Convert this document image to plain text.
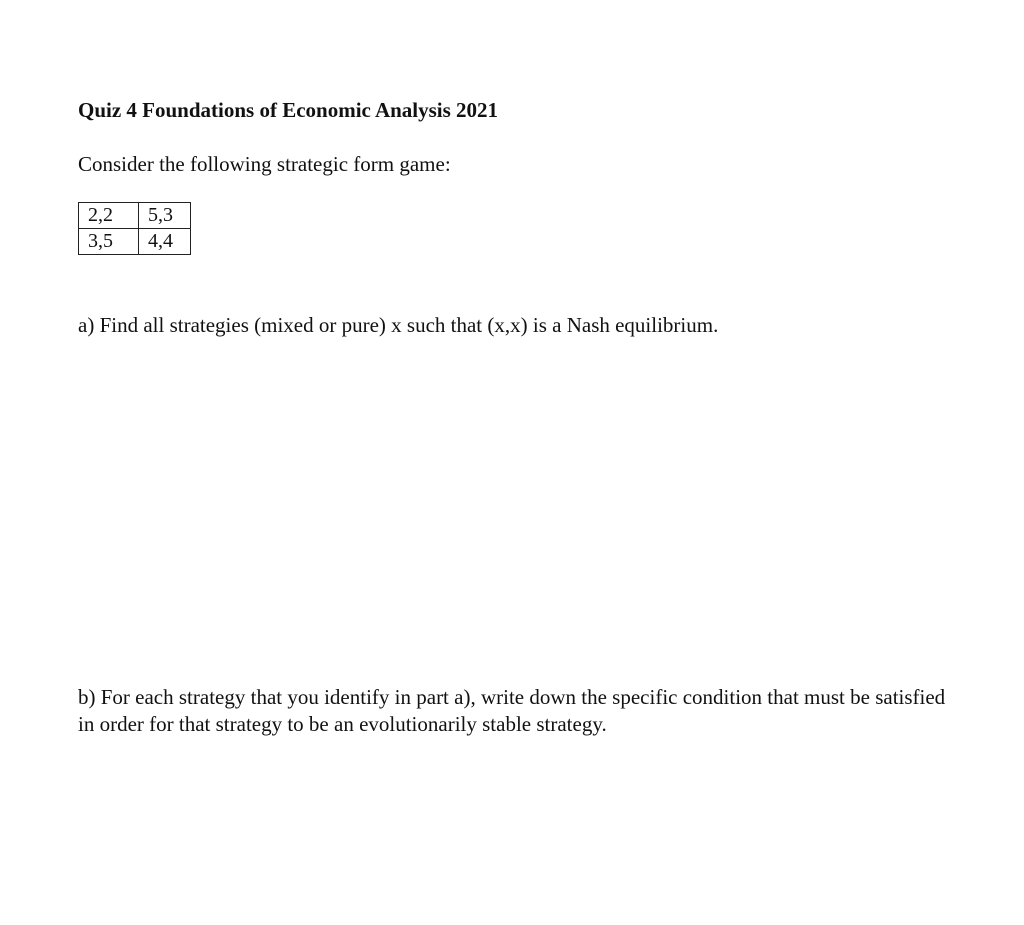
Quiz 4 Foundations of Economic Analysis 2021
Consider the following strategic form game:
2,2	5,3
3,5	4,4

a) Find all strategies (mixed or pure) x such that (x,x) is a Nash equilibrium.

b) For each strategy that you identify in part a), write down the specific condition that must be satisfied in order for that strategy to be an evolutionarily stable strategy.
